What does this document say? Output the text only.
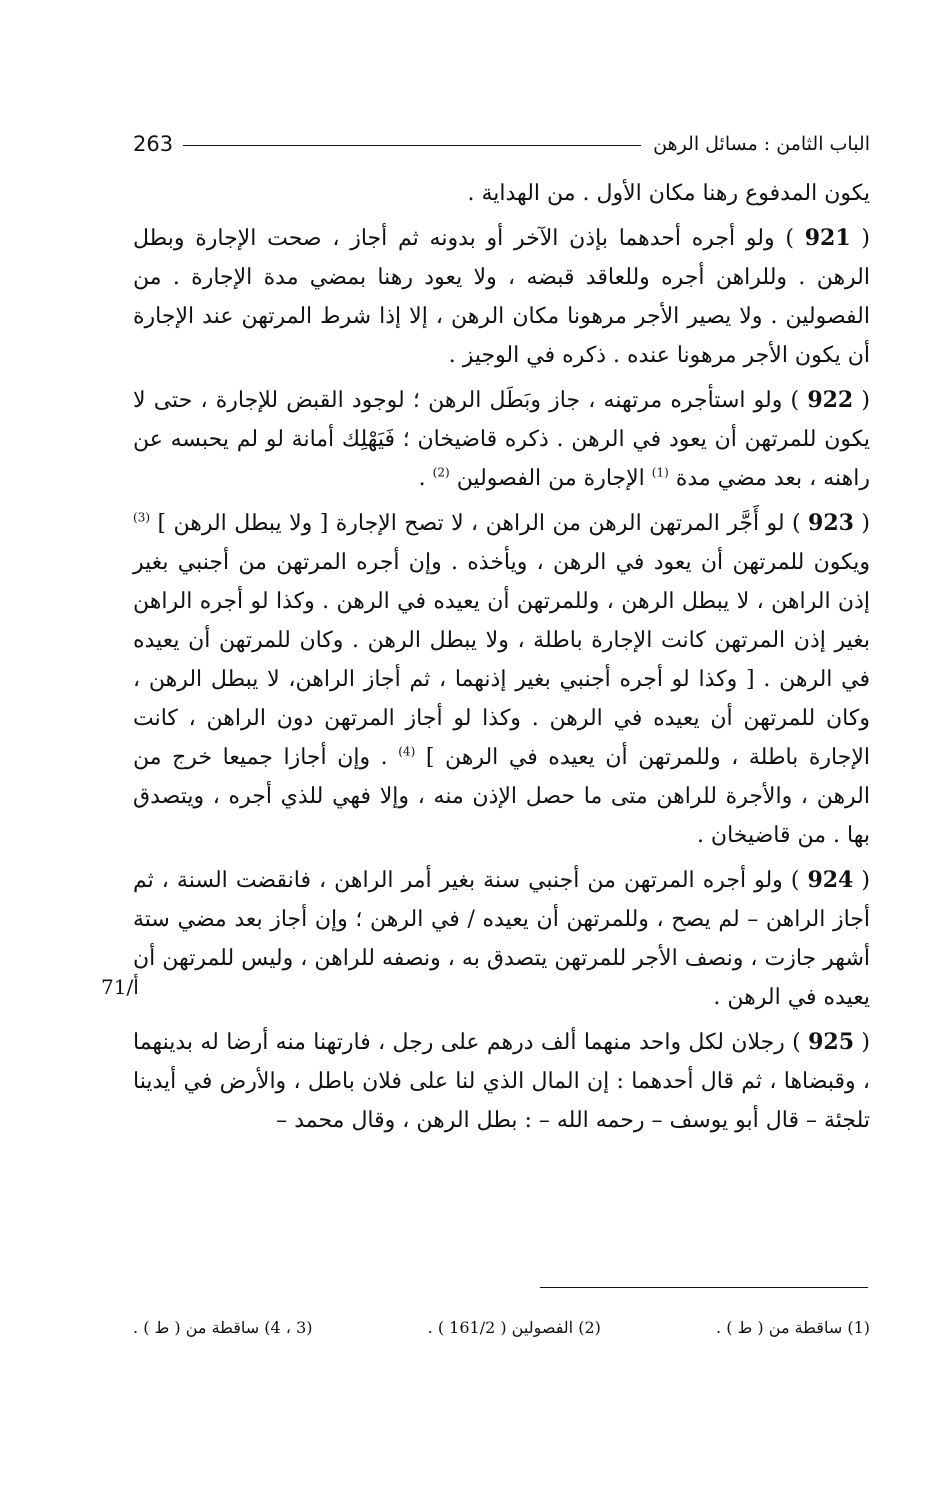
الباب الثامن : مسائل الرهن
263

يكون المدفوع رهنا مكان الأول . من الهداية .

( 921 ) ولو أجره أحدهما بإذن الآخر أو بدونه ثم أجاز ، صحت الإجارة وبطل الرهن . وللراهن أجره وللعاقد قبضه ، ولا يعود رهنا بمضي مدة الإجارة . من الفصولين . ولا يصير الأجر مرهونا مكان الرهن ، إلا إذا شرط المرتهن عند الإجارة أن يكون الأجر مرهونا عنده . ذكره في الوجيز .

( 922 ) ولو استأجره مرتهنه ، جاز وبَطَل الرهن ؛ لوجود القبض للإجارة ، حتى لا يكون للمرتهن أن يعود في الرهن . ذكره قاضيخان ؛ فَيَهْلِك أمانة لو لم يحبسه عن راهنه ، بعد مضي مدة $^{(1)}$ الإجارة من الفصولين $^{(2)}$ .

( 923 ) لو أَجَّر المرتهن الرهن من الراهن ، لا تصح الإجارة [ ولا يبطل الرهن ] $^{(3)}$ ويكون للمرتهن أن يعود في الرهن ، ويأخذه . وإن أجره المرتهن من أجنبي بغير إذن الراهن ، لا يبطل الرهن ، وللمرتهن أن يعيده في الرهن . وكذا لو أجره الراهن بغير إذن المرتهن كانت الإجارة باطلة ، ولا يبطل الرهن . وكان للمرتهن أن يعيده في الرهن . [ وكذا لو أجره أجنبي بغير إذنهما ، ثم أجاز الراهن، لا يبطل الرهن ، وكان للمرتهن أن يعيده في الرهن . وكذا لو أجاز المرتهن دون الراهن ، كانت الإجارة باطلة ، وللمرتهن أن يعيده في الرهن ] $^{(4)}$ . وإن أجازا جميعا خرج من الرهن ، والأجرة للراهن متى ما حصل الإذن منه ، وإلا فهي للذي أجره ، ويتصدق بها . من قاضيخان .

( 924 ) ولو أجره المرتهن من أجنبي سنة بغير أمر الراهن ، فانقضت السنة ، ثم أجاز الراهن – لم يصح ، وللمرتهن أن يعيده / في الرهن ؛ وإن أجاز بعد مضي ستة أشهر جازت ، ونصف الأجر للمرتهن يتصدق به ، ونصفه للراهن ، وليس للمرتهن أن يعيده في الرهن .

( 925 ) رجلان لكل واحد منهما ألف درهم على رجل ، فارتهنا منه أرضا له بدينهما ، وقبضاها ، ثم قال أحدهما : إن المال الذي لنا على فلان باطل ، والأرض في أيدينا تلجئة – قال أبو يوسف – رحمه الله – : بطل الرهن ، وقال محمد –

71/أ
(1) ساقطة من ( ط ) .
(2) الفصولين ( 161/2 ) .
(3 ، 4) ساقطة من ( ط ) .
